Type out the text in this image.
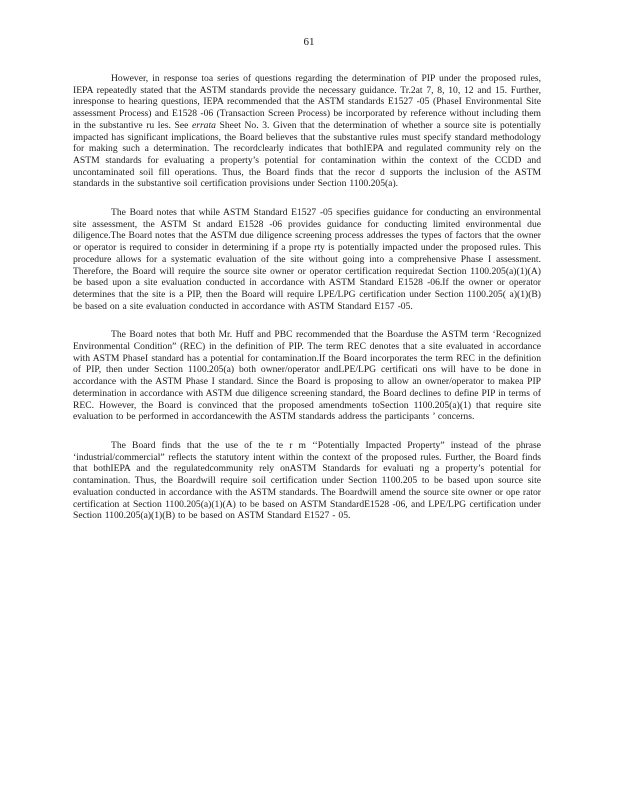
61

However, in response toa series of questions regarding the determination of PIP under the proposed rules, IEPA repeatedly stated that the ASTM standards provide the necessary guidance. Tr.2at 7, 8, 10, 12 and 15. Further, inresponse to hearing questions, IEPA recommended that the ASTM standards E1527 -05 (PhaseI Environmental Site assessment Process) and E1528 -06 (Transaction Screen Process) be incorporated by reference without including them in the substantive ru les. See errata Sheet No. 3. Given that the determination of whether a source site is potentially impacted has significant implications, the Board believes that the substantive rules must specify standard methodology for making such a determination. The recordclearly indicates that bothIEPA and regulated community rely on the ASTM standards for evaluating a property’s potential for contamination within the context of the CCDD and uncontaminated soil fill operations. Thus, the Board finds that the recor d supports the inclusion of the ASTM standards in the substantive soil certification provisions under Section 1100.205(a).

The Board notes that while ASTM Standard E1527 -05 specifies guidance for conducting an environmental site assessment, the ASTM St andard E1528 -06 provides guidance for conducting limited environmental due diligence.The Board notes that the ASTM due diligence screening process addresses the types of factors that the owner or operator is required to consider in determining if a prope rty is potentially impacted under the proposed rules. This procedure allows for a systematic evaluation of the site without going into a comprehensive Phase I assessment. Therefore, the Board will require the source site owner or operator certification requiredat Section 1100.205(a)(1)(A) be based upon a site evaluation conducted in accordance with ASTM Standard E1528 -06.If the owner or operator determines that the site is a PIP, then the Board will require LPE/LPG certification under Section 1100.205( a)(1)(B) be based on a site evaluation conducted in accordance with ASTM Standard E157 -05.

The Board notes that both Mr. Huff and PBC recommended that the Boarduse the ASTM term ‘Recognized Environmental Condition” (REC) in the definition of PIP. The term REC denotes that a site evaluated in accordance with ASTM PhaseI standard has a potential for contamination.If the Board incorporates the term REC in the definition of PIP, then under Section 1100.205(a) both owner/operator andLPE/LPG certificati ons will have to be done in accordance with the ASTM Phase I standard. Since the Board is proposing to allow an owner/operator to makea PIP determination in accordance with ASTM due diligence screening standard, the Board declines to define PIP in terms of REC. However, the Board is convinced that the proposed amendments toSection 1100.205(a)(1) that require site evaluation to be performed in accordancewith the ASTM standards address the participants ’ concerns.

The Board finds that the use of the te r m ‘‘Potentially Impacted Property” instead of the phrase ‘industrial/commercial” reflects the statutory intent within the context of the proposed rules. Further, the Board finds that bothIEPA and the regulatedcommunity rely onASTM Standards for evaluati ng a property’s potential for contamination. Thus, the Boardwill require soil certification under Section 1100.205 to be based upon source site evaluation conducted in accordance with the ASTM standards. The Boardwill amend the source site owner or ope rator certification at Section 1100.205(a)(1)(A) to be based on ASTM StandardE1528 -06, and LPE/LPG certification under Section 1100.205(a)(1)(B) to be based on ASTM Standard E1527 - 05.
